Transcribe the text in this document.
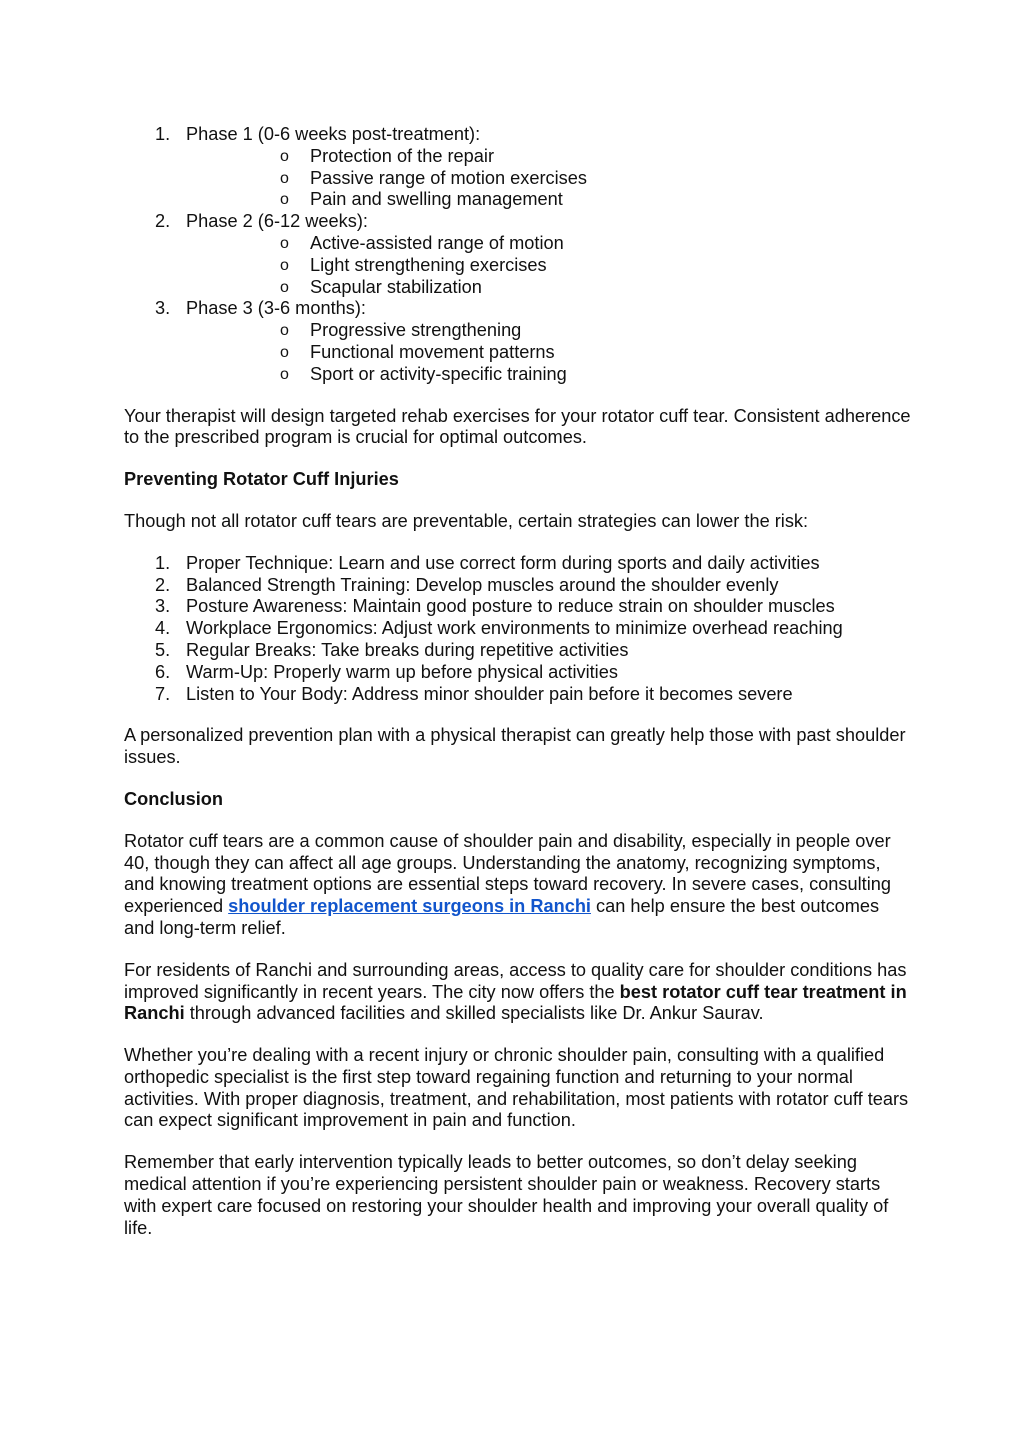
1. Phase 1 (0-6 weeks post-treatment):
o Protection of the repair
o Passive range of motion exercises
o Pain and swelling management
2. Phase 2 (6-12 weeks):
o Active-assisted range of motion
o Light strengthening exercises
o Scapular stabilization
3. Phase 3 (3-6 months):
o Progressive strengthening
o Functional movement patterns
o Sport or activity-specific training

Your therapist will design targeted rehab exercises for your rotator cuff tear. Consistent adherence to the prescribed program is crucial for optimal outcomes.

Preventing Rotator Cuff Injuries

Though not all rotator cuff tears are preventable, certain strategies can lower the risk:

1. Proper Technique: Learn and use correct form during sports and daily activities
2. Balanced Strength Training: Develop muscles around the shoulder evenly
3. Posture Awareness: Maintain good posture to reduce strain on shoulder muscles
4. Workplace Ergonomics: Adjust work environments to minimize overhead reaching
5. Regular Breaks: Take breaks during repetitive activities
6. Warm-Up: Properly warm up before physical activities
7. Listen to Your Body: Address minor shoulder pain before it becomes severe

A personalized prevention plan with a physical therapist can greatly help those with past shoulder issues.

Conclusion

Rotator cuff tears are a common cause of shoulder pain and disability, especially in people over 40, though they can affect all age groups. Understanding the anatomy, recognizing symptoms, and knowing treatment options are essential steps toward recovery. In severe cases, consulting experienced shoulder replacement surgeons in Ranchi can help ensure the best outcomes and long-term relief.

For residents of Ranchi and surrounding areas, access to quality care for shoulder conditions has improved significantly in recent years. The city now offers the best rotator cuff tear treatment in Ranchi through advanced facilities and skilled specialists like Dr. Ankur Saurav.

Whether you’re dealing with a recent injury or chronic shoulder pain, consulting with a qualified orthopedic specialist is the first step toward regaining function and returning to your normal activities. With proper diagnosis, treatment, and rehabilitation, most patients with rotator cuff tears can expect significant improvement in pain and function.

Remember that early intervention typically leads to better outcomes, so don’t delay seeking medical attention if you’re experiencing persistent shoulder pain or weakness. Recovery starts with expert care focused on restoring your shoulder health and improving your overall quality of life.
